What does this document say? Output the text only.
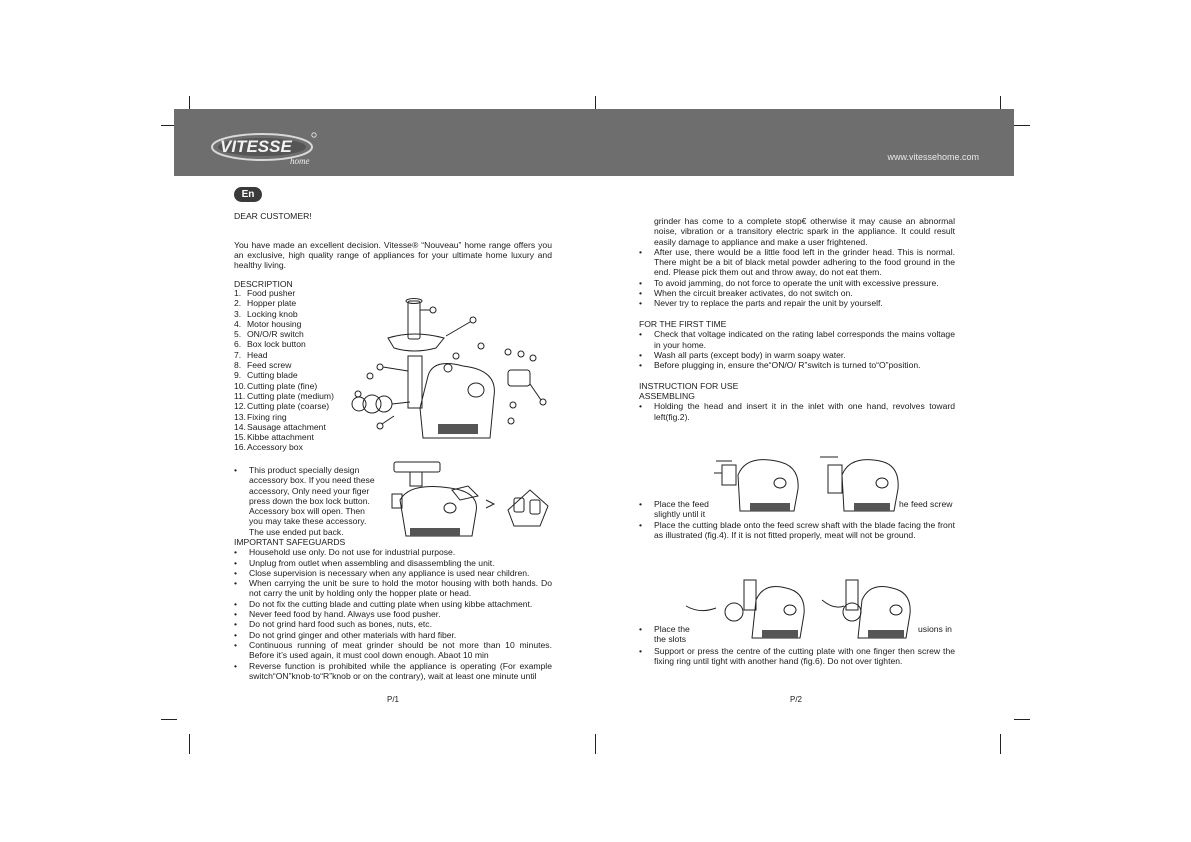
VITESSE
home	www.vitessehome.com
En

DEAR CUSTOMER!

You have made an excellent decision. Vitesse® “Nouveau” home range offers you an exclusive, high quality range of appliances for your ultimate home luxury and healthy living.

DESCRIPTION

1. Food pusher
2. Hopper plate
3. Locking knob
4. Motor housing
5. ON/O/R switch
6. Box lock button
7. Head
8. Feed screw
9. Cutting blade
10. Cutting plate (fine)
11. Cutting plate (medium)
12. Cutting plate (coarse)
13. Fixing ring
14. Sausage attachment
15. Kibbe attachment
16. Accessory box
•	This product specially design
accessory box. If you need these
accessory, Only need your figer
press down the box lock button.
Accessory box will open. Then
you may take these accessory.
The use ended put back.

IMPORTANT SAFEGUARDS

•	Household use only. Do not use for industrial purpose.
•	Unplug from outlet when assembling and disassembling the unit.
•	Close supervision is necessary when any appliance is used near children.
•	When carrying the unit be sure to hold the motor housing with both hands. Do not carry the unit by holding only the hopper plate or head.
•	Do not fix the cutting blade and cutting plate when using kibbe attachment.
•	Never feed food by hand. Always use food pusher.
•	Do not grind hard food such as bones, nuts, etc.
•	Do not grind ginger and other materials with hard fiber.
•	Continuous running of meat grinder should be not more than 10 minutes. Before it’s used again, it must cool down enough. Abaot 10 min
•	Reverse function is prohibited while the appliance is operating (For example switch“ON”knob·to“R”knob or on the contrary), wait at least one minute until
P/1

grinder has come to a complete stop€ otherwise it may cause an abnormal noise, vibration or a transitory electric spark in the appliance. It could result easily damage to appliance and make a user frightened.

•	After use, there would be a little food left in the grinder head. This is normal. There might be a bit of black metal powder adhering to the food ground in the end. Please pick them out and throw away, do not eat them.
•	To avoid jamming, do not force to operate the unit with excessive pressure.
•	When the circuit breaker activates, do not switch on.
•	Never try to replace the parts and repair the unit by yourself.

FOR THE FIRST TIME

•	Check that voltage indicated on the rating label corresponds the mains voltage in your home.
•	Wash all parts (except body) in warm soapy water.
•	Before plugging in, ensure the“ON/O/ R”switch is turned to“O”position.

INSTRUCTION FOR USE

ASSEMBLING

•	Holding the head and insert it in the inlet with one hand, revolves toward left(fig.2).
• Place the feed	he feed screw
slightly until it
•	Place the cutting blade onto the feed screw shaft with the blade facing the front as illustrated (fig.4). If it is not fitted properly, meat will not be ground.
• Place the	usions in
the slots
•	Support or press the centre of the cutting plate with one finger then screw the fixing ring until tight with another hand (fig.6). Do not over tighten.
P/2
